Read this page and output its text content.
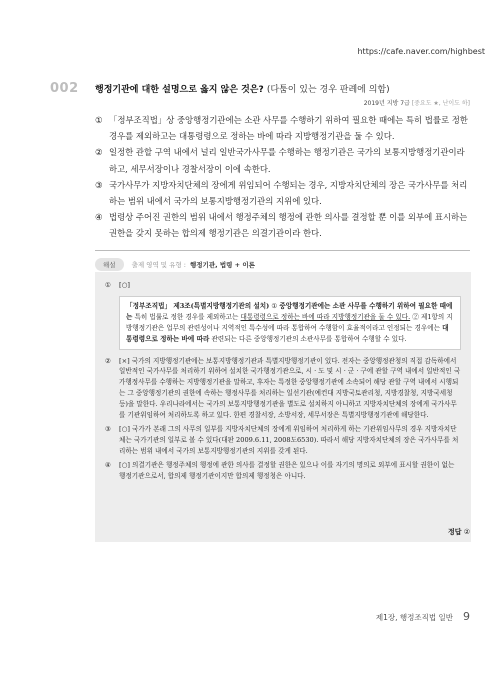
https://cafe.naver.com/highbest
002 행정기관에 대한 설명으로 옳지 않은 것은? (다툼이 있는 경우 판례에 의함)
2019년 지방 7급 [중요도 ★, 난이도 하]
① 「정부조직법」상 중앙행정기관에는 소관 사무를 수행하기 위하여 필요한 때에는 특히 법률로 정한 경우를 제외하고는 대통령령으로 정하는 바에 따라 지방행정기관을 둘 수 있다.
② 일정한 관할 구역 내에서 널리 일반국가사무를 수행하는 행정기관은 국가의 보통지방행정기관이라 하고, 세무서장이나 경찰서장이 이에 속한다.
③ 국가사무가 지방자치단체의 장에게 위임되어 수행되는 경우, 지방자치단체의 장은 국가사무를 처리하는 범위 내에서 국가의 보통지방행정기관의 지위에 있다.
④ 법령상 주어진 권한의 범위 내에서 행정주체의 행정에 관한 의사를 결정할 뿐 이를 외부에 표시하는 권한을 갖지 못하는 합의제 행정기관은 의결기관이라 한다.
해설	출제 영역 및 유형 : 행정기관, 법령 + 이론
①	[○]
「정부조직법」 제3조(특별지방행정기관의 설치) ① 중앙행정기관에는 소관 사무를 수행하기 위하여 필요한 때에는 특히 법률로 정한 경우를 제외하고는 대통령령으로 정하는 바에 따라 지방행정기관을 둘 수 있다. ② 제1항의 지방행정기관은 업무의 관련성이나 지역적인 특수성에 따라 통합하여 수행함이 효율적이라고 인정되는 경우에는 대통령령으로 정하는 바에 따라 관련되는 다른 중앙행정기관의 소관사무를 통합하여 수행할 수 있다.
②	[×] 국가의 지방행정기관에는 보통지방행정기관과 특별지방행정기관이 있다. 전자는 중앙행정관청의 직접 감독하에서 일반적인 국가사무를 처리하기 위하여 설치한 국가행정기관으로, 시 · 도 및 시 · 군 · 구에 관할 구역 내에서 일반적인 국가행정사무를 수행하는 지방행정기관을 말하고, 후자는 특정한 중앙행정기관에 소속되어 해당 관할 구역 내에서 시행되는 그 중앙행정기관의 권한에 속하는 행정사무를 처리하는 일선기관(예컨대 지방국토관리청, 지방경찰청, 지방국세청 등)을 말한다. 우리나라에서는 국가의 보통지방행정기관을 별도로 설치하지 아니하고 지방자치단체의 장에게 국가사무를 기관위임하여 처리하도록 하고 있다. 한편 경찰서장, 소방서장, 세무서장은 특별지방행정기관에 해당한다.
③	[○] 국가가 본래 그의 사무의 일부를 지방자치단체의 장에게 위임하여 처리하게 하는 기관위임사무의 경우 지방자치단체는 국가기관의 일부로 볼 수 있다(대판 2009.6.11, 2008도6530). 따라서 해당 지방자치단체의 장은 국가사무를 처리하는 범위 내에서 국가의 보통지방행정기관의 지위를 갖게 된다.
④	[○] 의결기관은 행정주체의 행정에 관한 의사를 결정할 권한은 있으나 이를 자기의 명의로 외부에 표시할 권한이 없는 행정기관으로서, 합의제 행정기관이지만 합의제 행정청은 아니다.
정답 ②
제1장, 행정조직법 일반 9
